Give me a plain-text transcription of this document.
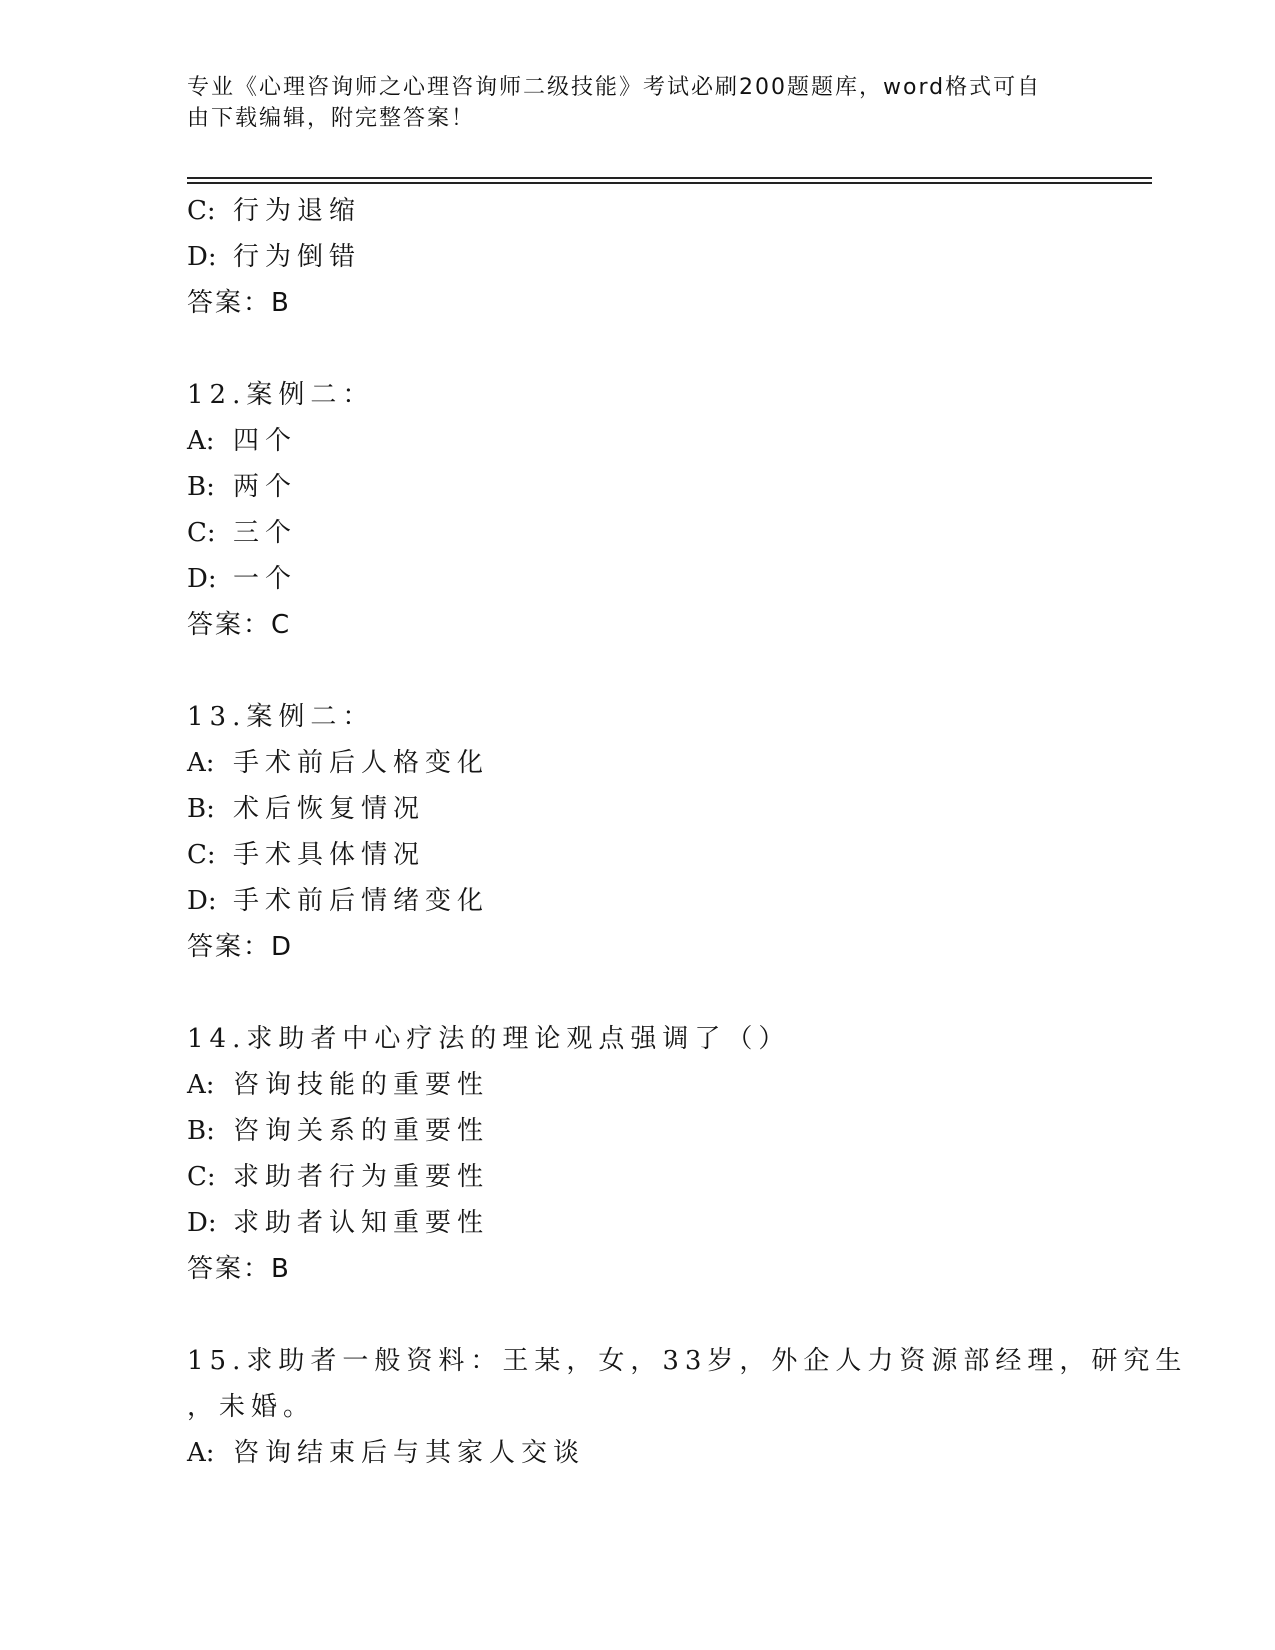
专业《心理咨询师之心理咨询师二级技能》考试必刷200题题库，word格式可自
由下载编辑，附完整答案！
C: 行为退缩
D: 行为倒错
答案：B
12.案例二：
A: 四个
B: 两个
C: 三个
D: 一个
答案：C
13.案例二：
A: 手术前后人格变化
B: 术后恢复情况
C: 手术具体情况
D: 手术前后情绪变化
答案：D
14.求助者中心疗法的理论观点强调了（）
A: 咨询技能的重要性
B: 咨询关系的重要性
C: 求助者行为重要性
D: 求助者认知重要性
答案：B
15.求助者一般资料：王某，女，33岁，外企人力资源部经理，研究生
，未婚。
A: 咨询结束后与其家人交谈
